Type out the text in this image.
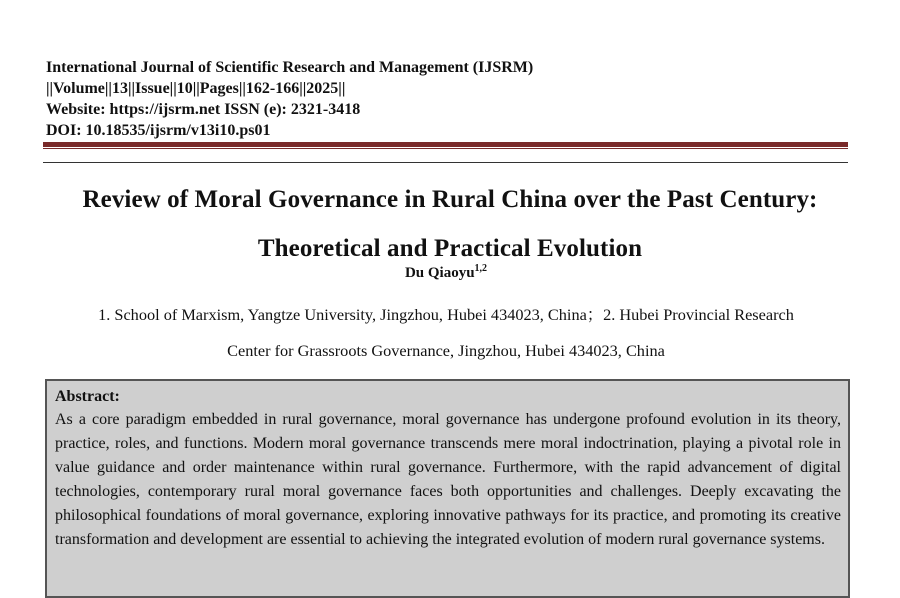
International Journal of Scientific Research and Management (IJSRM)
||Volume||13||Issue||10||Pages||162-166||2025||
Website: https://ijsrm.net ISSN (e): 2321-3418
DOI: 10.18535/ijsrm/v13i10.ps01
Review of Moral Governance in Rural China over the Past Century:
Theoretical and Practical Evolution
Du Qiaoyu$^{1,2}$
1. School of Marxism, Yangtze University, Jingzhou, Hubei 434023, China；2. Hubei Provincial Research
Center for Grassroots Governance, Jingzhou, Hubei 434023, China
Abstract:
As a core paradigm embedded in rural governance, moral governance has undergone profound evolution in its theory, practice, roles, and functions. Modern moral governance transcends mere moral indoctrination, playing a pivotal role in value guidance and order maintenance within rural governance. Furthermore, with the rapid advancement of digital technologies, contemporary rural moral governance faces both opportunities and challenges. Deeply excavating the philosophical foundations of moral governance, exploring innovative pathways for its practice, and promoting its creative transformation and development are essential to achieving the integrated evolution of modern rural governance systems.
